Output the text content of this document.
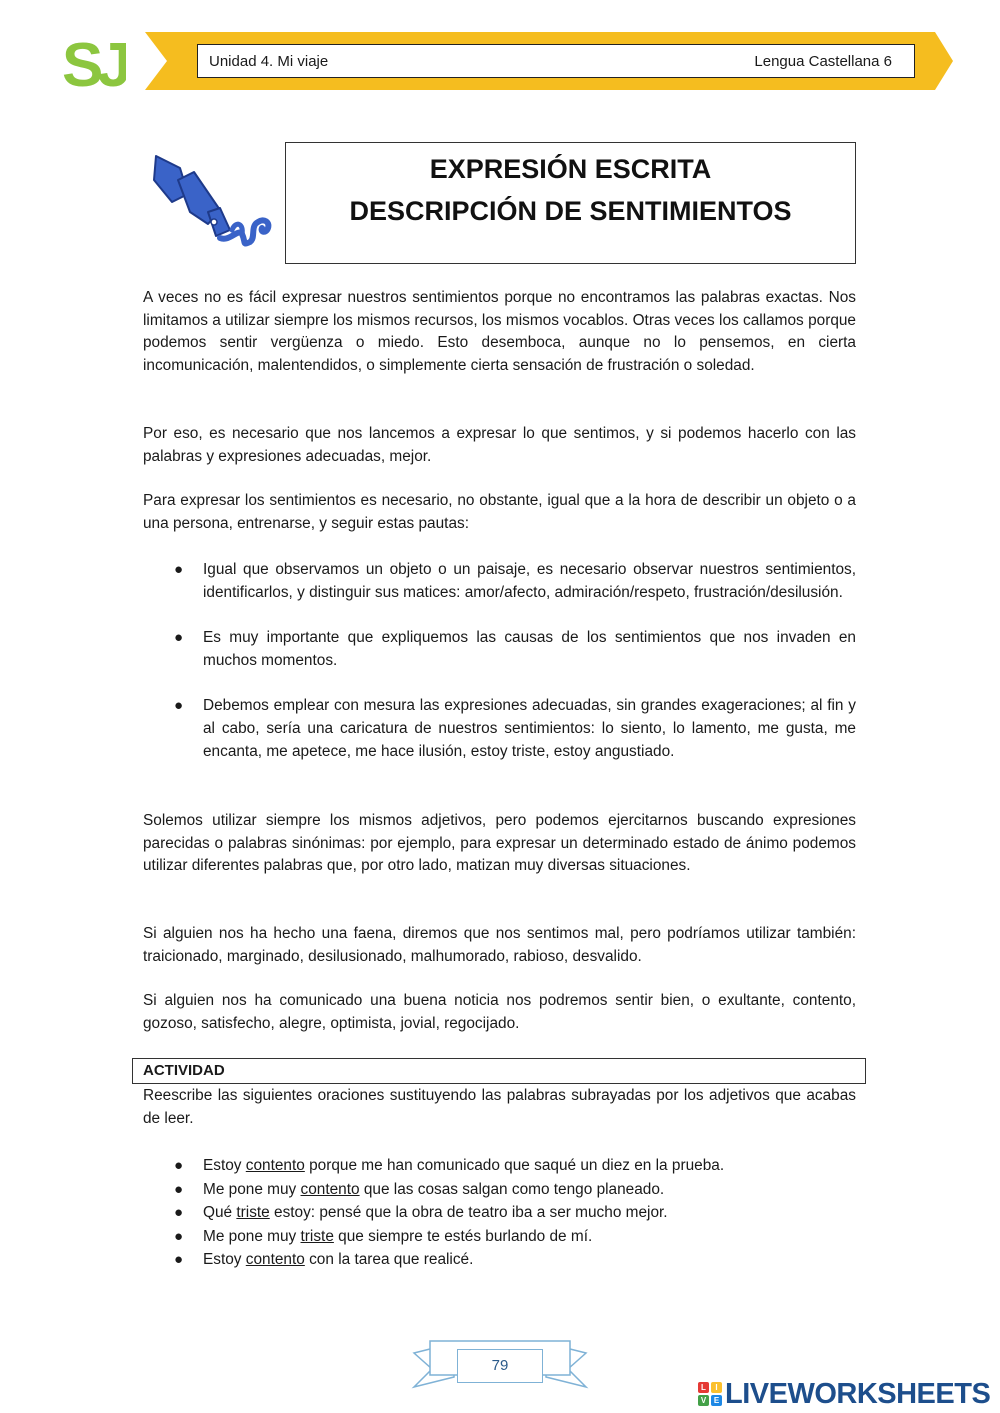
SJ	Unidad 4. Mi viaje	Lengua Castellana 6
EXPRESIÓN ESCRITA
DESCRIPCIÓN DE SENTIMIENTOS

A veces no es fácil expresar nuestros sentimientos porque no encontramos las palabras exactas. Nos limitamos a utilizar siempre los mismos recursos, los mismos vocablos. Otras veces los callamos porque podemos sentir vergüenza o miedo. Esto desemboca, aunque no lo pensemos, en cierta incomunicación, malentendidos, o simplemente cierta sensación de frustración o soledad.

Por eso, es necesario que nos lancemos a expresar lo que sentimos, y si podemos hacerlo con las palabras y expresiones adecuadas, mejor.

Para expresar los sentimientos es necesario, no obstante, igual que a la hora de describir un objeto o a una persona, entrenarse, y seguir estas pautas:

● Igual que observamos un objeto o un paisaje, es necesario observar nuestros sentimientos, identificarlos, y distinguir sus matices: amor/afecto, admiración/respeto, frustración/desilusión.
● Es muy importante que expliquemos las causas de los sentimientos que nos invaden en muchos momentos.
● Debemos emplear con mesura las expresiones adecuadas, sin grandes exageraciones; al fin y al cabo, sería una caricatura de nuestros sentimientos: lo siento, lo lamento, me gusta, me encanta, me apetece, me hace ilusión, estoy triste, estoy angustiado.

Solemos utilizar siempre los mismos adjetivos, pero podemos ejercitarnos buscando expresiones parecidas o palabras sinónimas: por ejemplo, para expresar un determinado estado de ánimo podemos utilizar diferentes palabras que, por otro lado, matizan muy diversas situaciones.

Si alguien nos ha hecho una faena, diremos que nos sentimos mal, pero podríamos utilizar también: traicionado, marginado, desilusionado, malhumorado, rabioso, desvalido.

Si alguien nos ha comunicado una buena noticia nos podremos sentir bien, o exultante, contento, gozoso, satisfecho, alegre, optimista, jovial, regocijado.

ACTIVIDAD

Reescribe las siguientes oraciones sustituyendo las palabras subrayadas por los adjetivos que acabas de leer.

● Estoy contento porque me han comunicado que saqué un diez en la prueba.
● Me pone muy contento que las cosas salgan como tengo planeado.
● Qué triste estoy: pensé que la obra de teatro iba a ser mucho mejor.
● Me pone muy triste que siempre te estés burlando de mí.
● Estoy contento con la tarea que realicé.
79
L	I
V E LIVEWORKSHEETS
